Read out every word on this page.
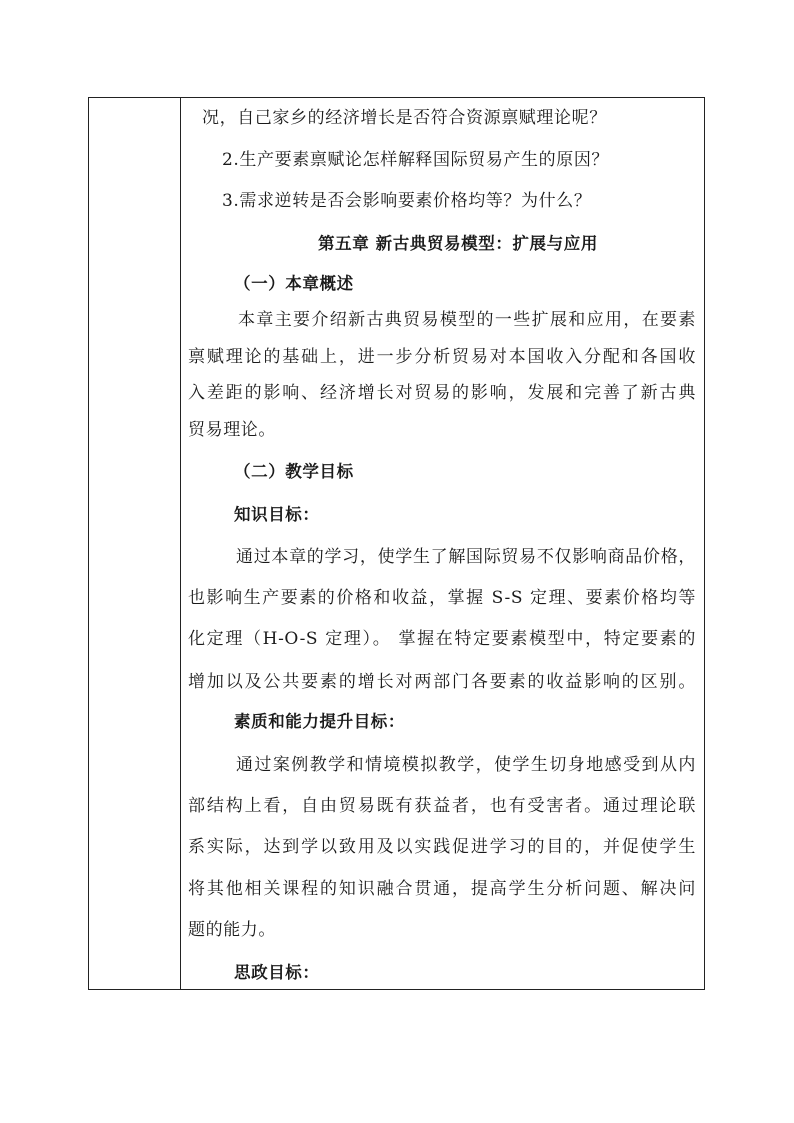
况，自己家乡的经济增长是否符合资源禀赋理论呢？
2.生产要素禀赋论怎样解释国际贸易产生的原因？
3.需求逆转是否会影响要素价格均等？为什么？
第五章 新古典贸易模型：扩展与应用
（一）本章概述
本章主要介绍新古典贸易模型的一些扩展和应用，在要素
禀赋理论的基础上，进一步分析贸易对本国收入分配和各国收
入差距的影响、经济增长对贸易的影响，发展和完善了新古典
贸易理论。
（二）教学目标
知识目标：
通过本章的学习，使学生了解国际贸易不仅影响商品价格，
也影响生产要素的价格和收益，掌握 S-S 定理、要素价格均等
化定理（H-O-S 定理）。 掌握在特定要素模型中，特定要素的
增加以及公共要素的增长对两部门各要素的收益影响的区别。
素质和能力提升目标：
通过案例教学和情境模拟教学，使学生切身地感受到从内
部结构上看，自由贸易既有获益者，也有受害者。通过理论联
系实际，达到学以致用及以实践促进学习的目的，并促使学生
将其他相关课程的知识融合贯通，提高学生分析问题、解决问
题的能力。
思政目标：
